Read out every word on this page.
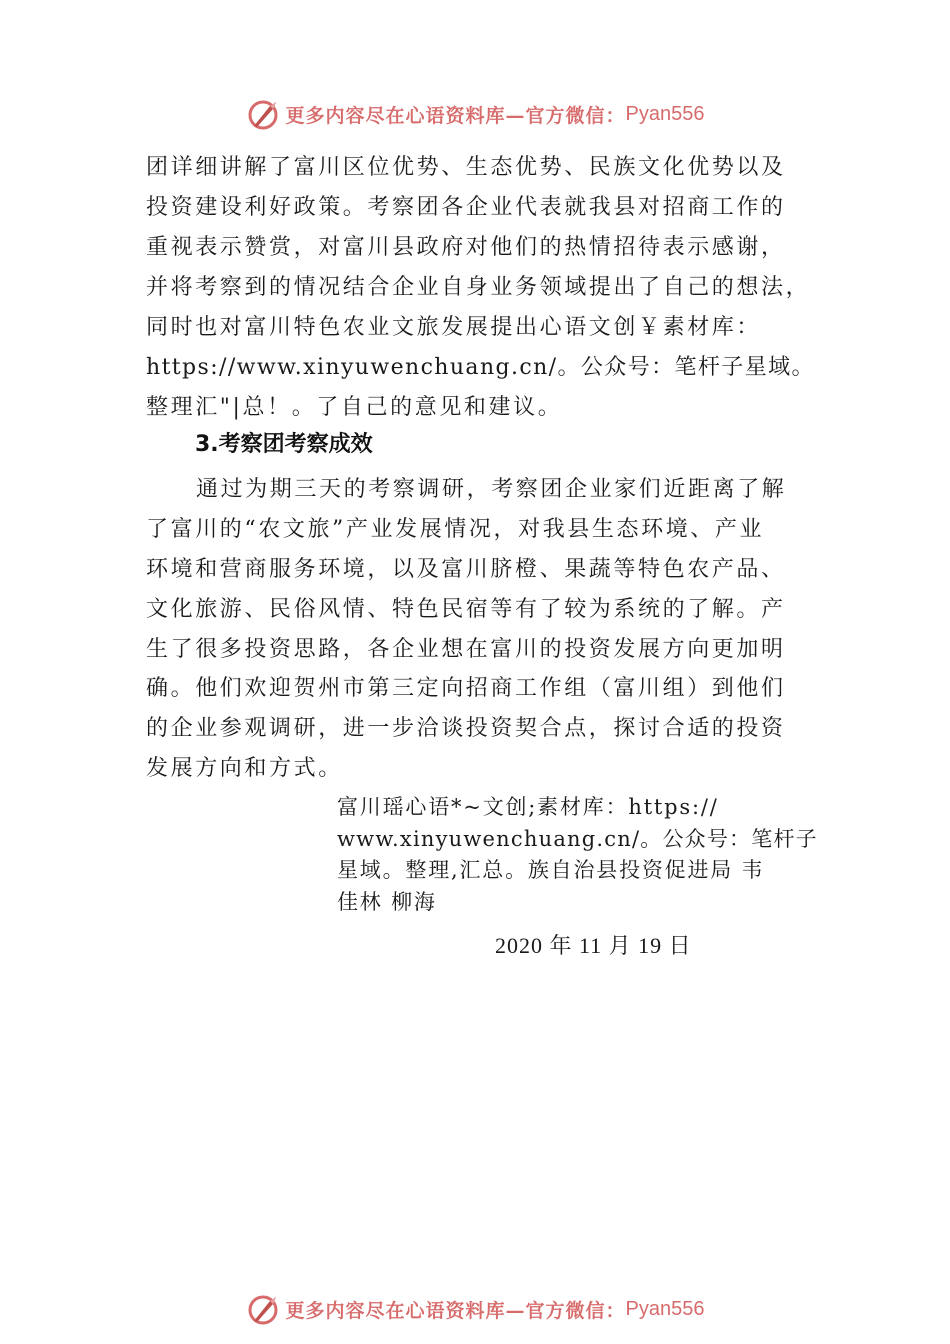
更多内容尽在心语资料库—官方微信： Pyan556
团详细讲解了富川区位优势、生态优势、民族文化优势以及
投资建设利好政策。考察团各企业代表就我县对招商工作的
重视表示赞赏，对富川县政府对他们的热情招待表示感谢，
并将考察到的情况结合企业自身业务领域提出了自己的想法，
同时也对富川特色农业文旅发展提出心语文创￥素材库：
https://www.xinyuwenchuang.cn/。公众号：笔杆子星域。
整理汇"|总！。了自己的意见和建议。
3.考察团考察成效
通过为期三天的考察调研，考察团企业家们近距离了解
了富川的“农文旅”产业发展情况，对我县生态环境、产业
环境和营商服务环境，以及富川脐橙、果蔬等特色农产品、
文化旅游、民俗风情、特色民宿等有了较为系统的了解。产
生了很多投资思路，各企业想在富川的投资发展方向更加明
确。他们欢迎贺州市第三定向招商工作组（富川组）到他们
的企业参观调研，进一步洽谈投资契合点，探讨合适的投资
发展方向和方式。
富川瑶心语*~文创;素材库：https://
www.xinyuwenchuang.cn/。公众号：笔杆子
星域。整理,汇总。族自治县投资促进局 韦
佳林 柳海
2020 年 11 月 19 日
更多内容尽在心语资料库—官方微信： Pyan556
